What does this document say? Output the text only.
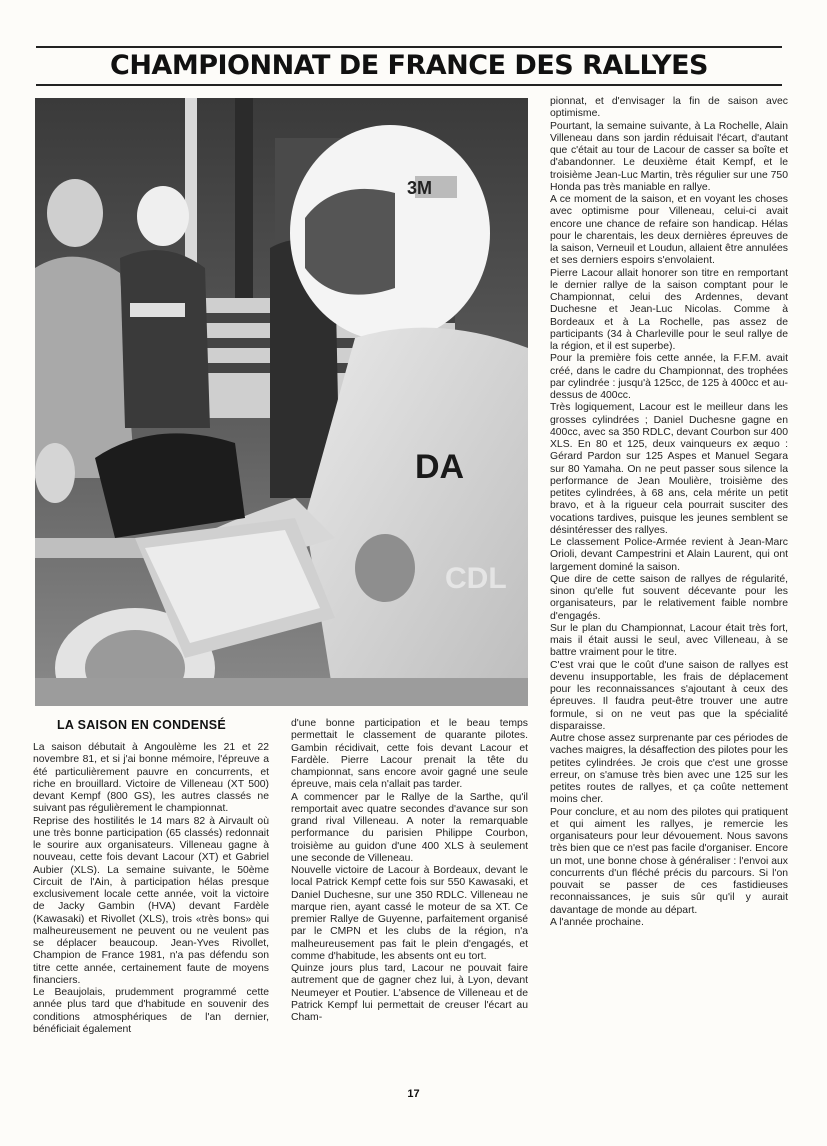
CHAMPIONNAT DE FRANCE DES RALLYES
3M
DA
CDL
LA SAISON EN CONDENSÉ

La saison débutait à Angoulème les 21 et 22 novembre 81, et si j'ai bonne mémoire, l'épreuve a été particulièrement pauvre en concurrents, et riche en brouillard. Victoire de Villeneau (XT 500) devant Kempf (800 GS), les autres classés ne suivant pas régulièrement le championnat.

Reprise des hostilités le 14 mars 82 à Airvault où une très bonne participation (65 classés) redonnait le sourire aux organisateurs. Villeneau gagne à nouveau, cette fois devant Lacour (XT) et Gabriel Aubier (XLS). La semaine suivante, le 50ème Circuit de l'Ain, à participation hélas presque exclusivement locale cette année, voit la victoire de Jacky Gambin (HVA) devant Fardèle (Kawasaki) et Rivollet (XLS), trois «très bons» qui malheureusement ne peuvent ou ne veulent pas se déplacer beaucoup. Jean-Yves Rivollet, Champion de France 1981, n'a pas défendu son titre cette année, certainement faute de moyens financiers.

Le Beaujolais, prudemment programmé cette année plus tard que d'habitude en souvenir des conditions atmosphériques de l'an dernier, bénéficiait également

d'une bonne participation et le beau temps permettait le classement de quarante pilotes. Gambin récidivait, cette fois devant Lacour et Fardèle. Pierre Lacour prenait la tête du championnat, sans encore avoir gagné une seule épreuve, mais cela n'allait pas tarder.

A commencer par le Rallye de la Sarthe, qu'il remportait avec quatre secondes d'avance sur son grand rival Villeneau. A noter la remarquable performance du parisien Philippe Courbon, troisième au guidon d'une 400 XLS à seulement une seconde de Villeneau.

Nouvelle victoire de Lacour à Bordeaux, devant le local Patrick Kempf cette fois sur 550 Kawasaki, et Daniel Duchesne, sur une 350 RDLC. Villeneau ne marque rien, ayant cassé le moteur de sa XT. Ce premier Rallye de Guyenne, parfaitement organisé par le CMPN et les clubs de la région, n'a malheureusement pas fait le plein d'engagés, et comme d'habitude, les absents ont eu tort.

Quinze jours plus tard, Lacour ne pouvait faire autrement que de gagner chez lui, à Lyon, devant Neumeyer et Poutier. L'absence de Villeneau et de Patrick Kempf lui permettait de creuser l'écart au Cham-

pionnat, et d'envisager la fin de saison avec optimisme.

Pourtant, la semaine suivante, à La Rochelle, Alain Villeneau dans son jardin réduisait l'écart, d'autant que c'était au tour de Lacour de casser sa boîte et d'abandonner. Le deuxième était Kempf, et le troisième Jean-Luc Martin, très régulier sur une 750 Honda pas très maniable en rallye.

A ce moment de la saison, et en voyant les choses avec optimisme pour Villeneau, celui-ci avait encore une chance de refaire son handicap. Hélas pour le charentais, les deux dernières épreuves de la saison, Verneuil et Loudun, allaient être annulées et ses derniers espoirs s'envolaient.

Pierre Lacour allait honorer son titre en remportant le dernier rallye de la saison comptant pour le Championnat, celui des Ardennes, devant Duchesne et Jean-Luc Nicolas. Comme à Bordeaux et à La Rochelle, pas assez de participants (34 à Charleville pour le seul rallye de la région, et il est superbe).

Pour la première fois cette année, la F.F.M. avait créé, dans le cadre du Championnat, des trophées par cylindrée : jusqu'à 125cc, de 125 à 400cc et au-dessus de 400cc.

Très logiquement, Lacour est le meilleur dans les grosses cylindrées ; Daniel Duchesne gagne en 400cc, avec sa 350 RDLC, devant Courbon sur 400 XLS. En 80 et 125, deux vainqueurs ex æquo : Gérard Pardon sur 125 Aspes et Manuel Segara sur 80 Yamaha. On ne peut passer sous silence la performance de Jean Moulière, troisième des petites cylindrées, à 68 ans, cela mérite un petit bravo, et à la rigueur cela pourrait susciter des vocations tardives, puisque les jeunes semblent se désintéresser des rallyes.

Le classement Police-Armée revient à Jean-Marc Orioli, devant Campestrini et Alain Laurent, qui ont largement dominé la saison.

Que dire de cette saison de rallyes de régularité, sinon qu'elle fut souvent décevante pour les organisateurs, par le relativement faible nombre d'engagés.

Sur le plan du Championnat, Lacour était très fort, mais il était aussi le seul, avec Villeneau, à se battre vraiment pour le titre.

C'est vrai que le coût d'une saison de rallyes est devenu insupportable, les frais de déplacement pour les reconnaissances s'ajoutant à ceux des épreuves. Il faudra peut-être trouver une autre formule, si on ne veut pas que la spécialité disparaisse.

Autre chose assez surprenante par ces périodes de vaches maigres, la désaffection des pilotes pour les petites cylindrées. Je crois que c'est une grosse erreur, on s'amuse très bien avec une 125 sur les petites routes de rallyes, et ça coûte nettement moins cher.

Pour conclure, et au nom des pilotes qui pratiquent et qui aiment les rallyes, je remercie les organisateurs pour leur dévouement. Nous savons très bien que ce n'est pas facile d'organiser. Encore un mot, une bonne chose à généraliser : l'envoi aux concurrents d'un fléché précis du parcours. Si l'on pouvait se passer de ces fastidieuses reconnaissances, je suis sûr qu'il y aurait davantage de monde au départ.

A l'année prochaine.

17
